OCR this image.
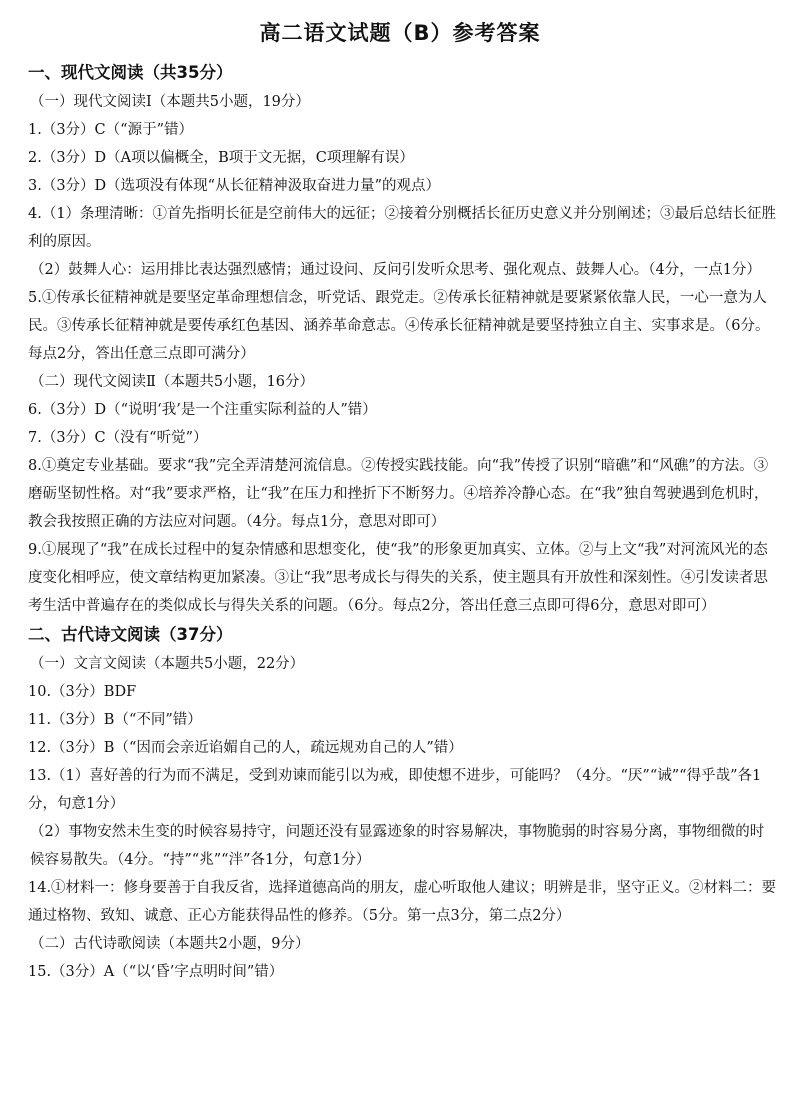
高二语文试题（B）参考答案
一、现代文阅读（共35分）
（一）现代文阅读Ⅰ（本题共5小题，19分）
1.（3分）C（“源于”错）
2.（3分）D（A项以偏概全，B项于文无据，C项理解有误）
3.（3分）D（选项没有体现“从长征精神汲取奋进力量”的观点）
4.（1）条理清晰：①首先指明长征是空前伟大的远征；②接着分别概括长征历史意义并分别阐述；③最后总结长征胜利的原因。
（2）鼓舞人心：运用排比表达强烈感情；通过设问、反问引发听众思考、强化观点、鼓舞人心。（4分，一点1分）
5.①传承长征精神就是要坚定革命理想信念，听党话、跟党走。②传承长征精神就是要紧紧依靠人民，一心一意为人民。③传承长征精神就是要传承红色基因、涵养革命意志。④传承长征精神就是要坚持独立自主、实事求是。（6分。每点2分，答出任意三点即可满分）
（二）现代文阅读Ⅱ（本题共5小题，16分）
6.（3分）D（“说明‘我’是一个注重实际利益的人”错）
7.（3分）C（没有“听觉”）
8.①奠定专业基础。要求“我”完全弄清楚河流信息。②传授实践技能。向“我”传授了识别“暗礁”和“风礁”的方法。③磨砺坚韧性格。对“我”要求严格，让“我”在压力和挫折下不断努力。④培养冷静心态。在“我”独自驾驶遇到危机时，教会我按照正确的方法应对问题。（4分。每点1分，意思对即可）
9.①展现了“我”在成长过程中的复杂情感和思想变化，使“我”的形象更加真实、立体。②与上文“我”对河流风光的态度变化相呼应，使文章结构更加紧凑。③让“我”思考成长与得失的关系，使主题具有开放性和深刻性。④引发读者思考生活中普遍存在的类似成长与得失关系的问题。（6分。每点2分，答出任意三点即可得6分，意思对即可）
二、古代诗文阅读（37分）
（一）文言文阅读（本题共5小题，22分）
10.（3分）BDF
11.（3分）B（“不同”错）
12.（3分）B（“因而会亲近谄媚自己的人，疏远规劝自己的人”错）
13.（1）喜好善的行为而不满足，受到劝谏而能引以为戒，即使想不进步，可能吗？（4分。“厌”“诫”“得乎哉”各1分，句意1分）
（2）事物安然未生变的时候容易持守，问题还没有显露迹象的时容易解决，事物脆弱的时容易分离，事物细微的时候容易散失。（4分。“持”“兆”“泮”各1分，句意1分）
14.①材料一：修身要善于自我反省，选择道德高尚的朋友，虚心听取他人建议；明辨是非，坚守正义。②材料二：要通过格物、致知、诚意、正心方能获得品性的修养。（5分。第一点3分，第二点2分）
（二）古代诗歌阅读（本题共2小题，9分）
15.（3分）A（“以‘昏’字点明时间”错）
